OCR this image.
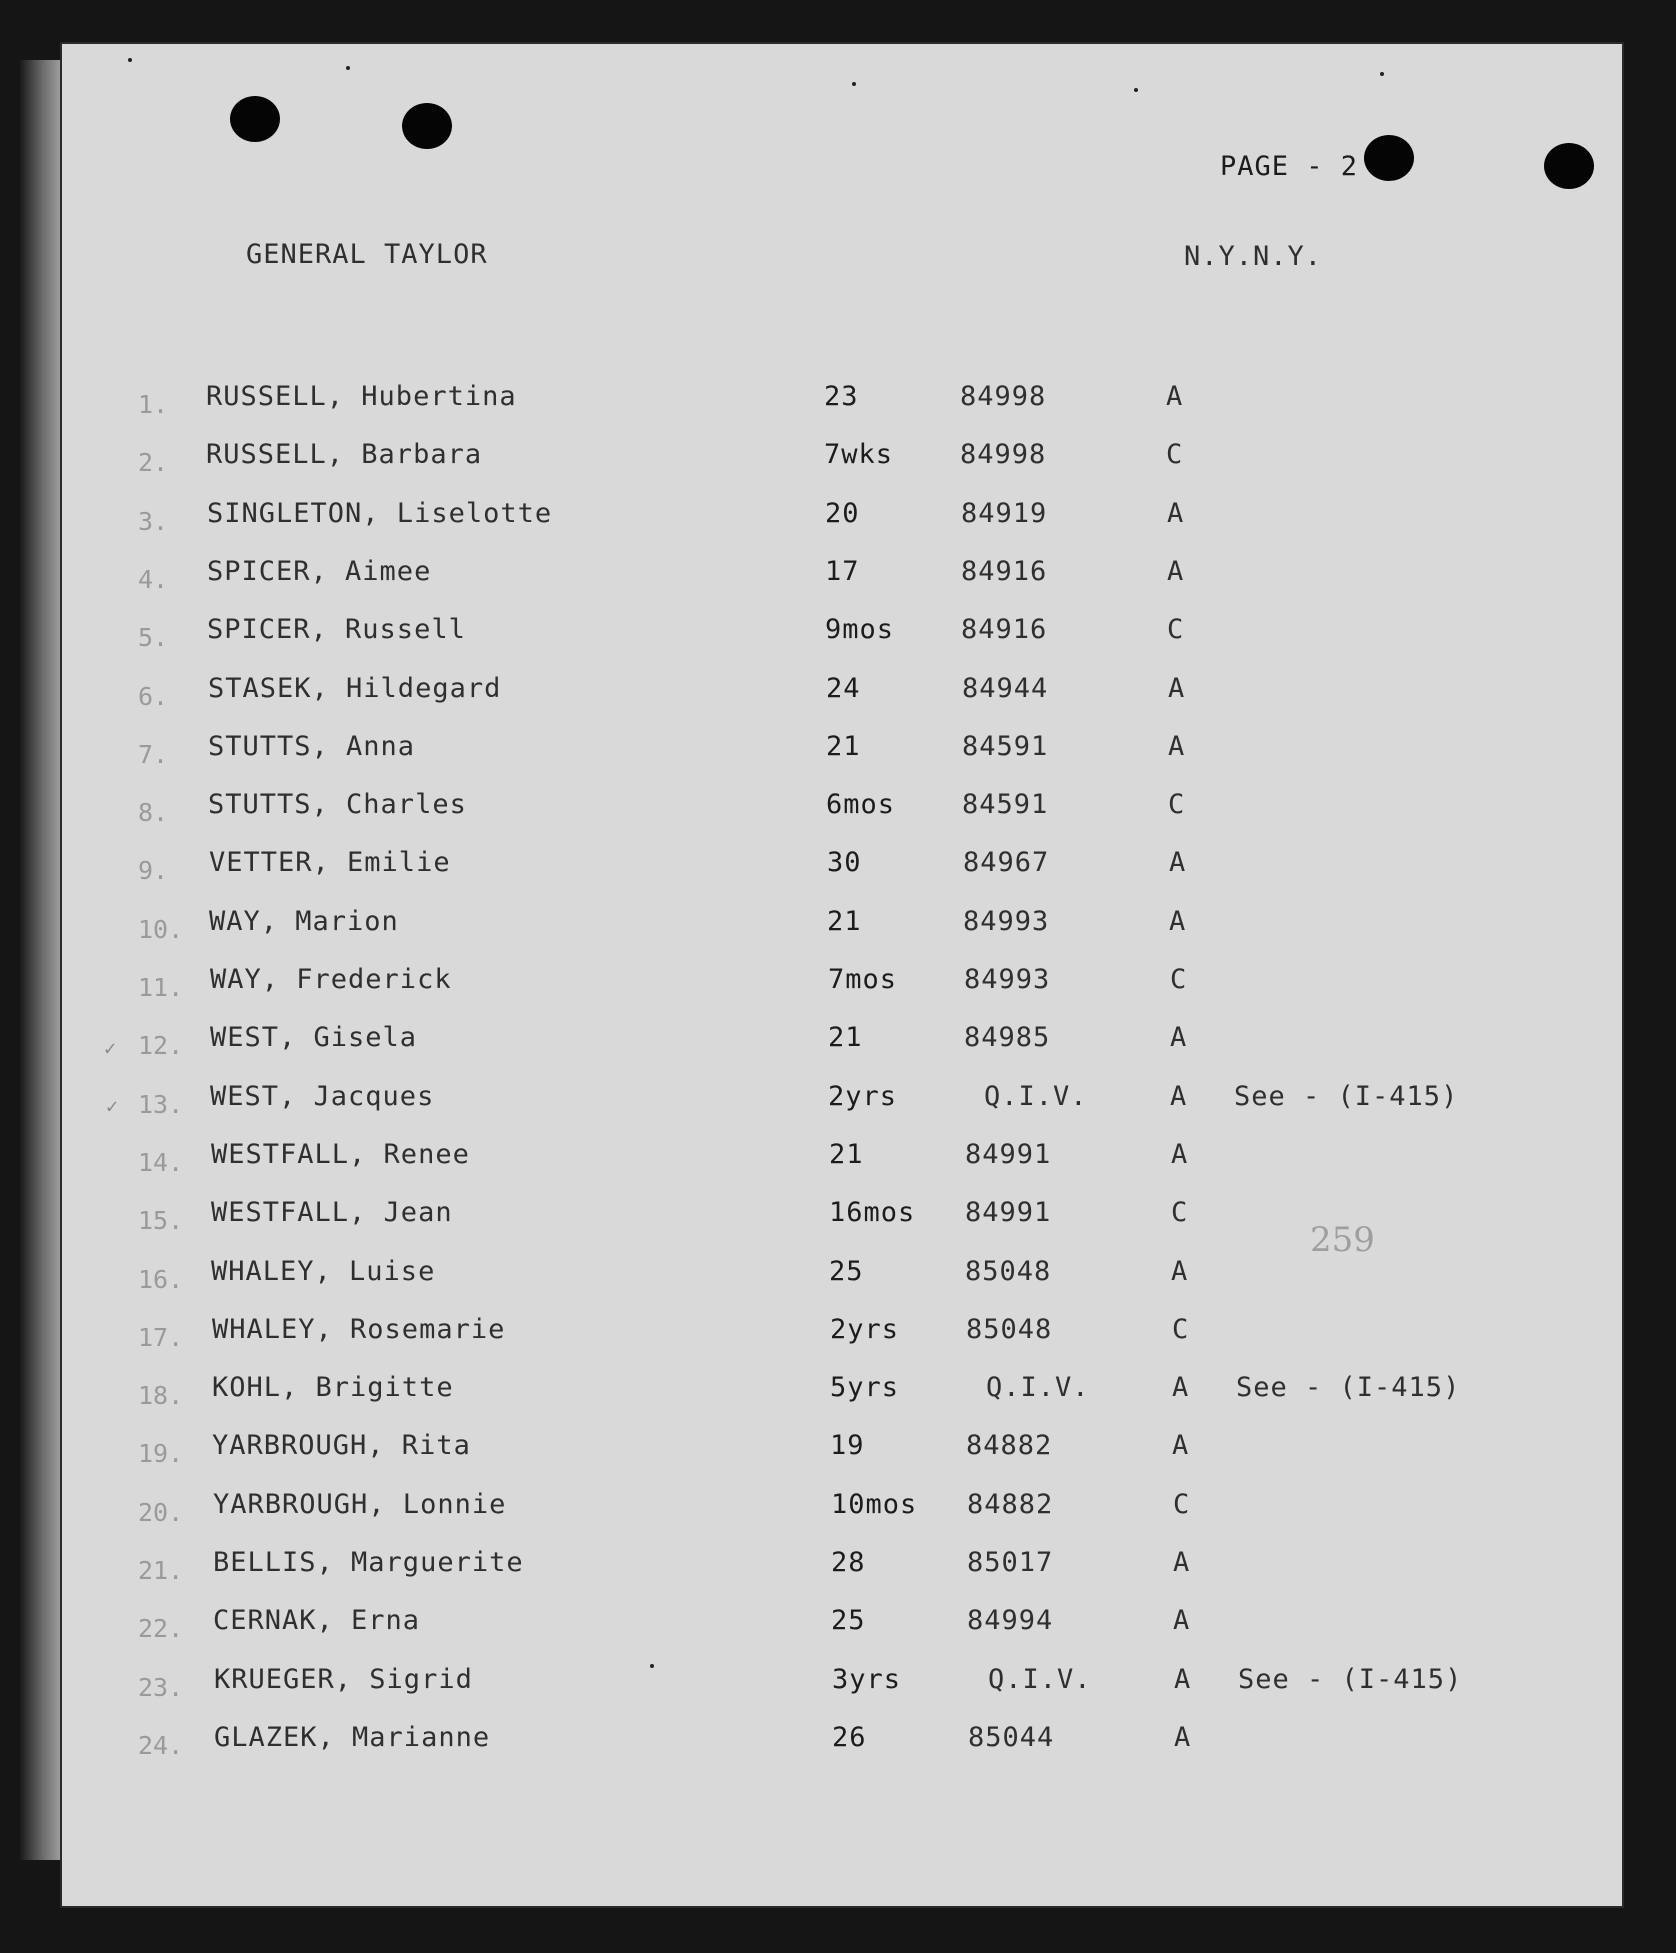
PAGE - 2
GENERAL TAYLOR	N.Y.N.Y.
259
✓
✓
1. RUSSELL, Hubertina	23	84998	A
2. RUSSELL, Barbara	7wks 84998	C
3. SINGLETON, Liselotte	20	84919	A
4. SPICER, Aimee	17	84916	A
5. SPICER, Russell	9mos 84916	C
6. STASEK, Hildegard	24	84944	A
7. STUTTS, Anna	21	84591	A
8. STUTTS, Charles	6mos 84591	C
9. VETTER, Emilie	30	84967	A
10. WAY, Marion	21	84993	A
11. WAY, Frederick	7mos 84993	C
12. WEST, Gisela	21	84985	A
13. WEST, Jacques	2yrs	Q.I.V.	A See - (I-415)
14. WESTFALL, Renee	21	84991	A
15. WESTFALL, Jean	16mos 84991	C
16. WHALEY, Luise	25	85048	A
17. WHALEY, Rosemarie	2yrs 85048	C
18. KOHL, Brigitte	5yrs	Q.I.V.	A See - (I-415)
19. YARBROUGH, Rita	19	84882	A
20. YARBROUGH, Lonnie	10mos 84882	C
21. BELLIS, Marguerite	28	85017	A
22. CERNAK, Erna	25	84994	A
23. KRUEGER, Sigrid	3yrs	Q.I.V.	A See - (I-415)
24. GLAZEK, Marianne	26	85044	A
